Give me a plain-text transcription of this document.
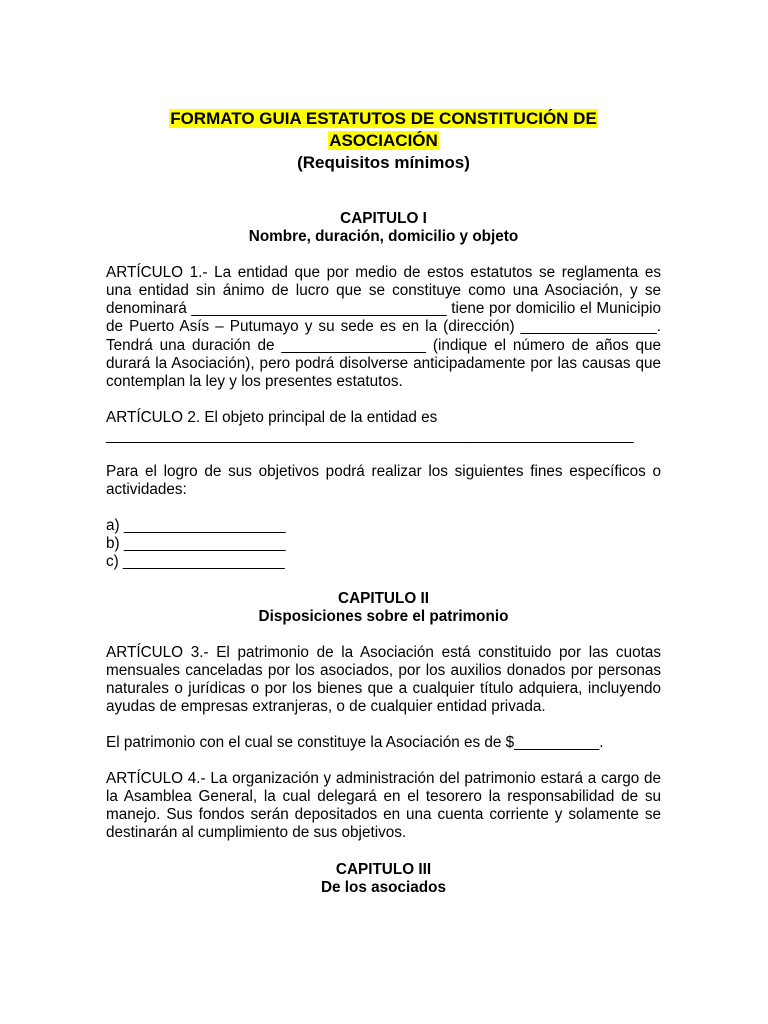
FORMATO GUIA ESTATUTOS DE CONSTITUCIÓN DE
ASOCIACIÓN
(Requisitos mínimos)
CAPITULO I
Nombre, duración, domicilio y objeto

ARTÍCULO 1.- La entidad que por medio de estos estatutos se reglamenta es una entidad sin ánimo de lucro que se constituye como una Asociación, y se denominará ______________________________ tiene por domicilio el Municipio de Puerto Asís – Putumayo y su sede es en la (dirección) ________________. Tendrá una duración de _________________ (indique el número de años que durará la Asociación), pero podrá disolverse anticipadamente por las causas que contemplan la ley y los presentes estatutos.

ARTÍCULO 2. El objeto principal de la entidad es

______________________________________________________________

Para el logro de sus objetivos podrá realizar los siguientes fines específicos o actividades:

a) ___________________

b) ___________________

c) ___________________

CAPITULO II
Disposiciones sobre el patrimonio

ARTÍCULO 3.- El patrimonio de la Asociación está constituido por las cuotas mensuales canceladas por los asociados, por los auxilios donados por personas naturales o jurídicas o por los bienes que a cualquier título adquiera, incluyendo ayudas de empresas extranjeras, o de cualquier entidad privada.

El patrimonio con el cual se constituye la Asociación es de $__________.

ARTÍCULO 4.- La organización y administración del patrimonio estará a cargo de la Asamblea General, la cual delegará en el tesorero la responsabilidad de su manejo. Sus fondos serán depositados en una cuenta corriente y solamente se destinarán al cumplimiento de sus objetivos.

CAPITULO III
De los asociados
